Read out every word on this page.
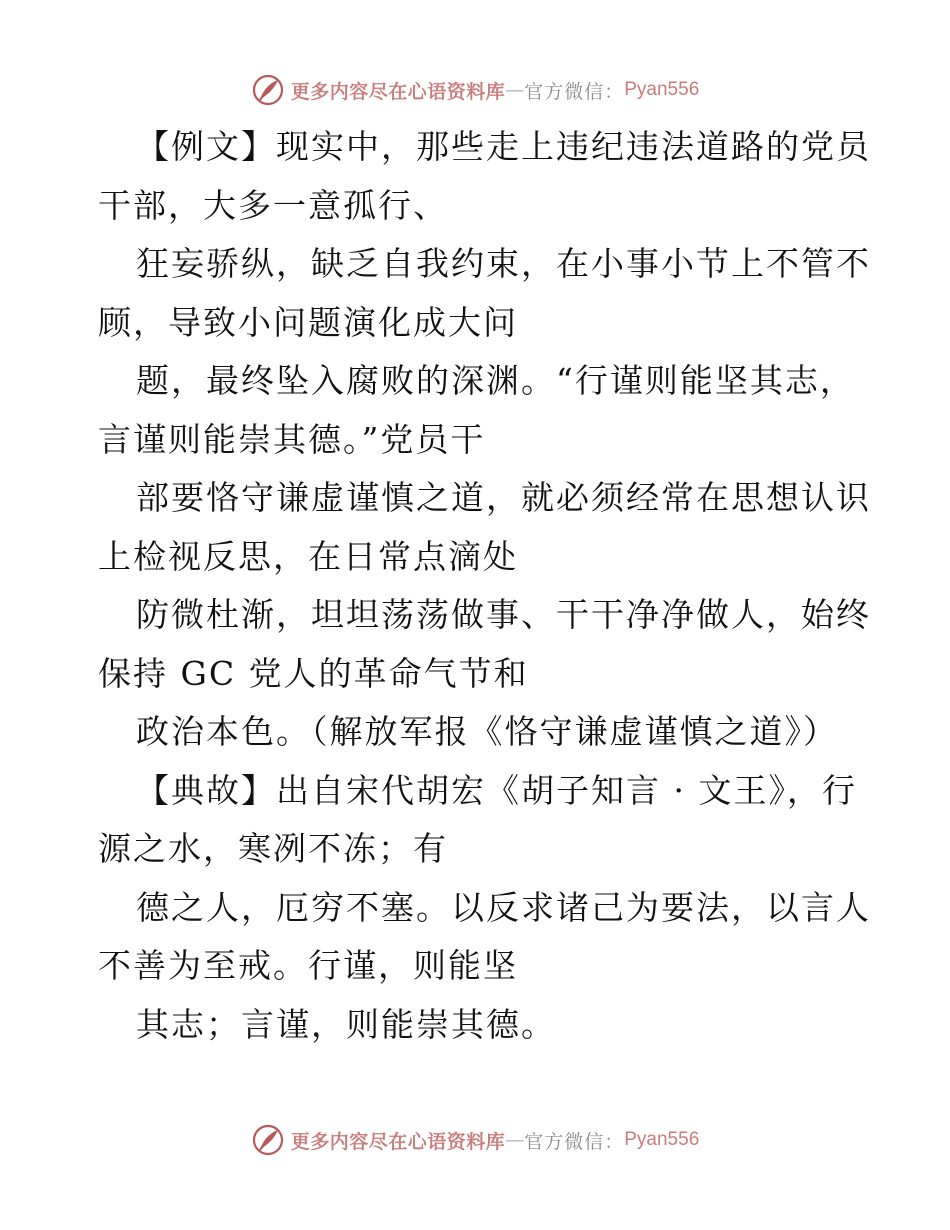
更多内容尽在心语资料库 — 官方微信： Pyan556
【例文】现实中，那些走上违纪违法道路的党员
干部，大多一意孤行、
狂妄骄纵，缺乏自我约束，在小事小节上不管不
顾，导致小问题演化成大问
题，最终坠入腐败的深渊。“行谨则能坚其志，
言谨则能崇其德。”党员干
部要恪守谦虚谨慎之道，就必须经常在思想认识
上检视反思，在日常点滴处
防微杜渐，坦坦荡荡做事、干干净净做人，始终
保持 GC 党人的革命气节和
政治本色。（解放军报《恪守谦虚谨慎之道》）
【典故】出自宋代胡宏《胡子知言 · 文王》，行
源之水，寒冽不冻；有
德之人，厄穷不塞。以反求诸己为要法，以言人
不善为至戒。行谨，则能坚
其志；言谨，则能崇其德。
更多内容尽在心语资料库 — 官方微信： Pyan556
